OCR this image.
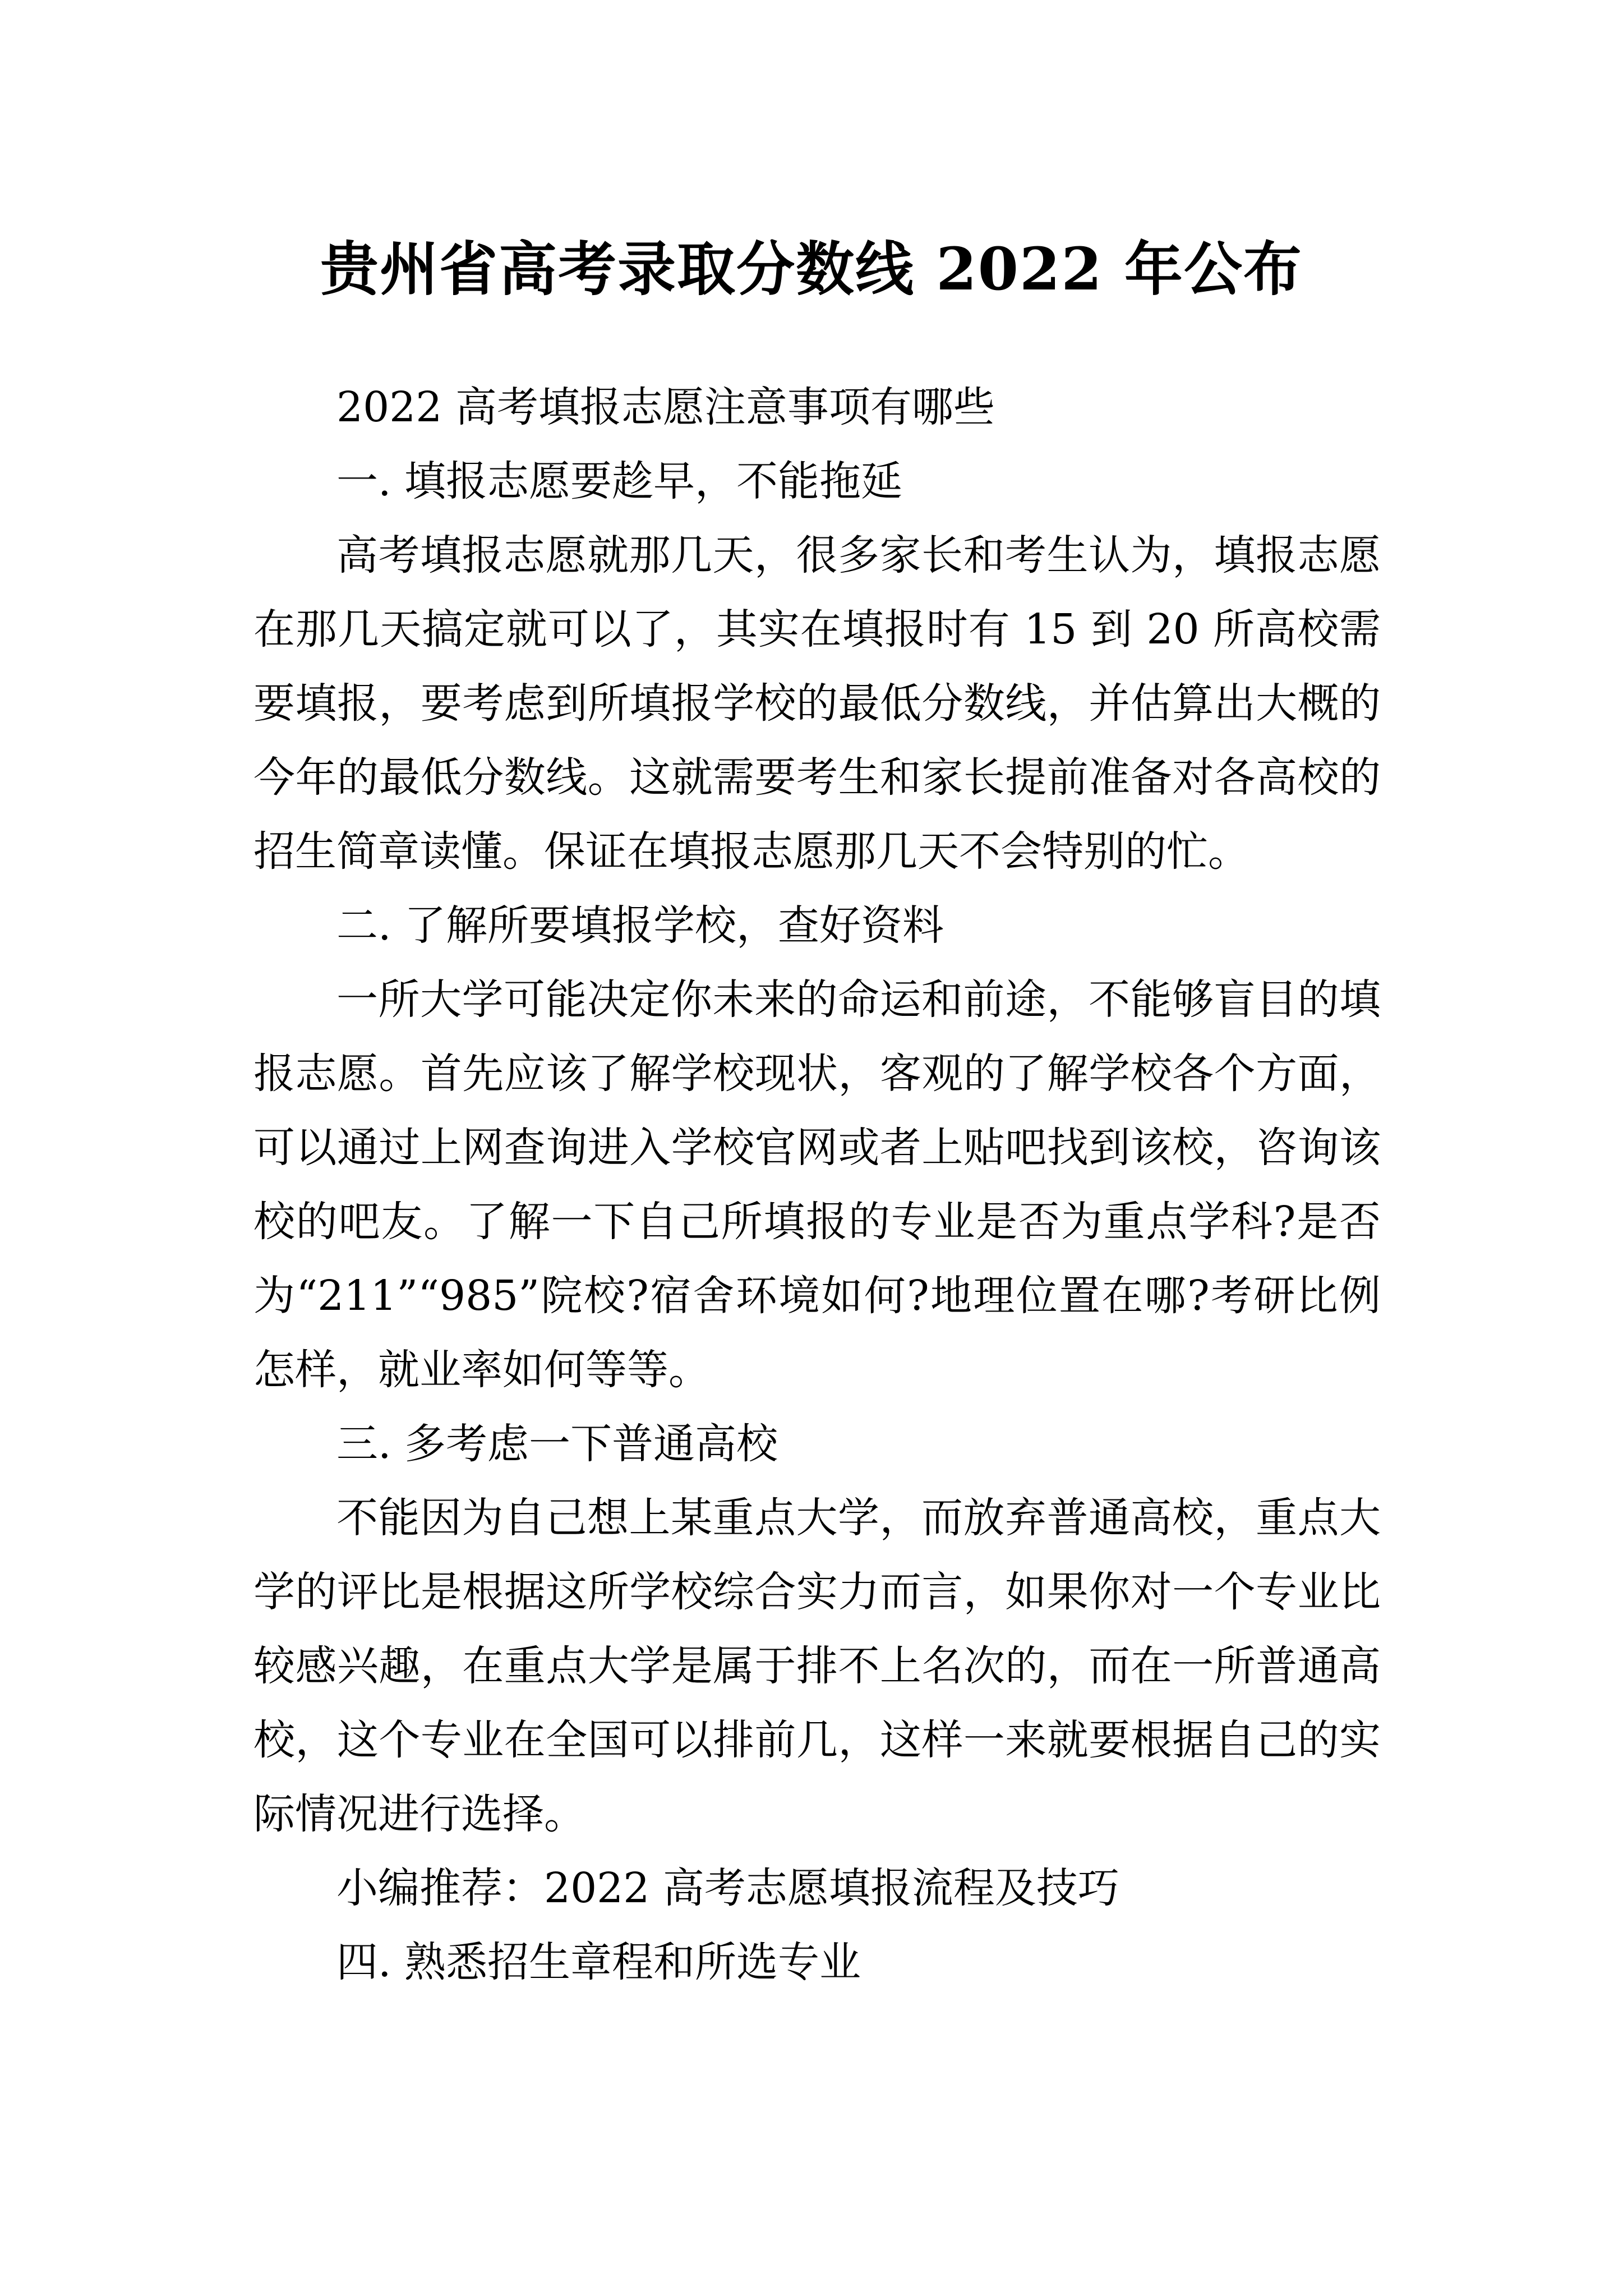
贵州省高考录取分数线 2022 年公布

2022 高考填报志愿注意事项有哪些

一. 填报志愿要趁早，不能拖延

高考填报志愿就那几天，很多家长和考生认为，填报志愿在那几天搞定就可以了，其实在填报时有 15 到 20 所高校需要填报，要考虑到所填报学校的最低分数线，并估算出大概的今年的最低分数线。这就需要考生和家长提前准备对各高校的招生简章读懂。保证在填报志愿那几天不会特别的忙。

二. 了解所要填报学校，查好资料

一所大学可能决定你未来的命运和前途，不能够盲目的填报志愿。首先应该了解学校现状，客观的了解学校各个方面，可以通过上网查询进入学校官网或者上贴吧找到该校，咨询该校的吧友。了解一下自己所填报的专业是否为重点学科?是否为“211”“985”院校?宿舍环境如何?地理位置在哪?考研比例怎样，就业率如何等等。

三. 多考虑一下普通高校

不能因为自己想上某重点大学，而放弃普通高校，重点大学的评比是根据这所学校综合实力而言，如果你对一个专业比较感兴趣，在重点大学是属于排不上名次的，而在一所普通高校，这个专业在全国可以排前几，这样一来就要根据自己的实际情况进行选择。

小编推荐：2022 高考志愿填报流程及技巧

四. 熟悉招生章程和所选专业
